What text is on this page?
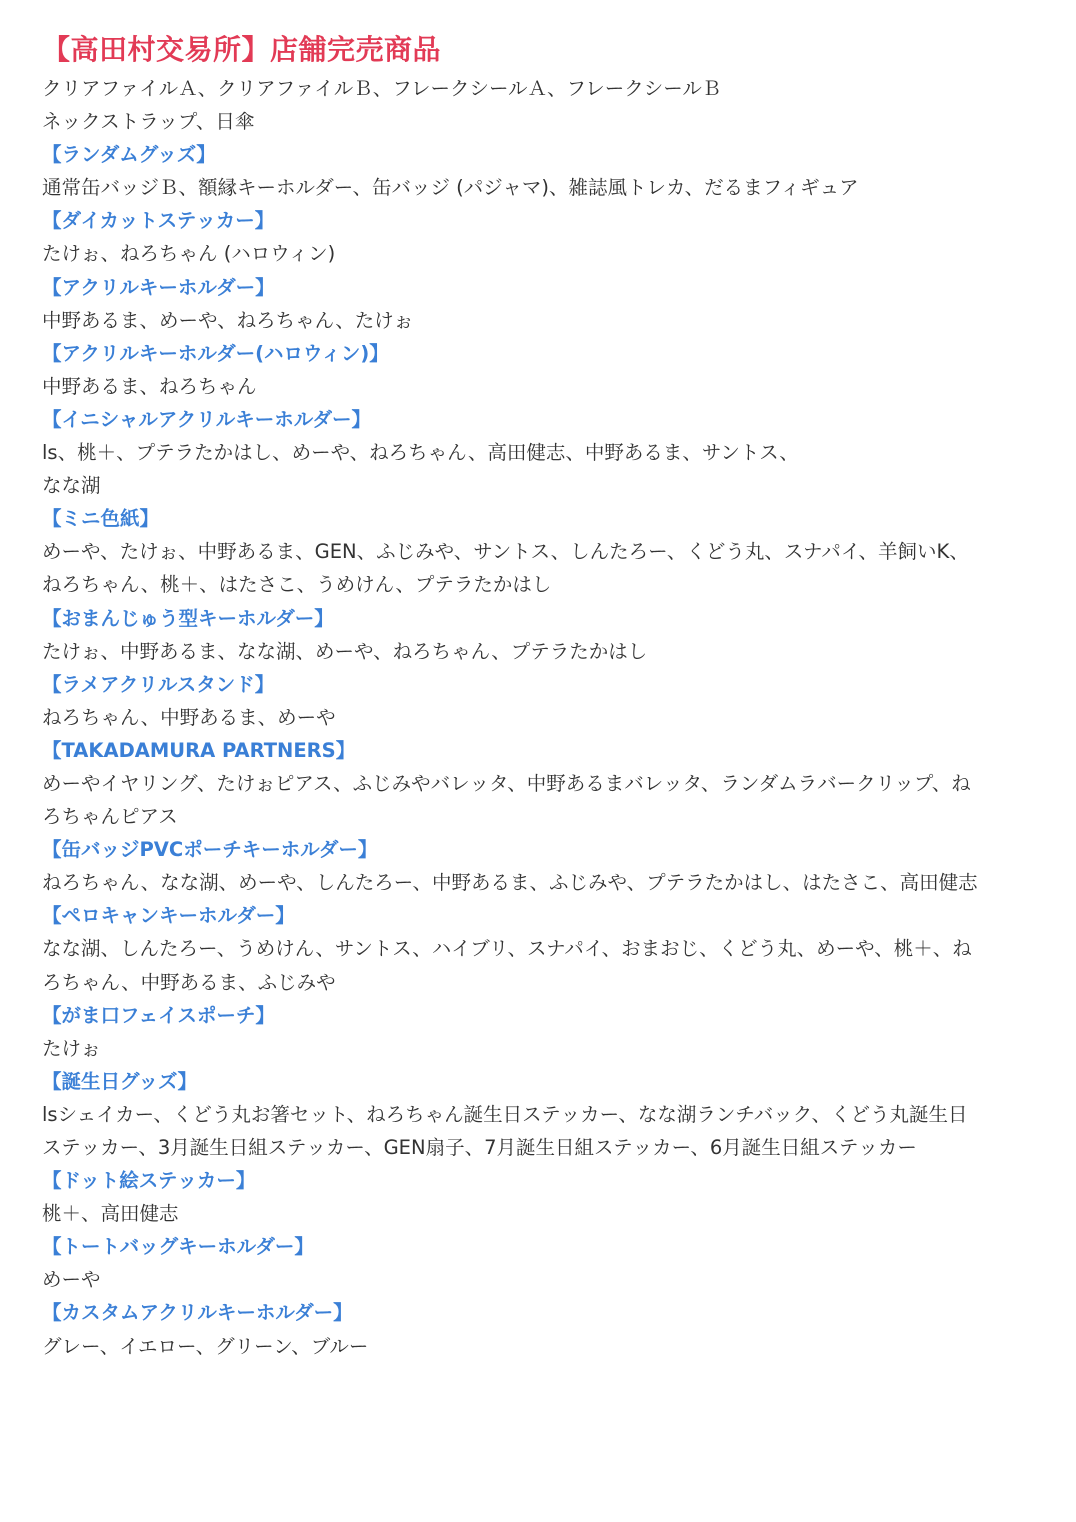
【高田村交易所】店舗完売商品

クリアファイルＡ、クリアファイルＢ、フレークシールＡ、フレークシールＢ

ネックストラップ、日傘

【ランダムグッズ】

通常缶バッジＢ、額縁キーホルダー、缶バッジ (パジャマ)、雑誌風トレカ、だるまフィギュア

【ダイカットステッカー】

たけぉ、ねろちゃん (ハロウィン)

【アクリルキーホルダー】

中野あるま、めーや、ねろちゃん、たけぉ

【アクリルキーホルダー(ハロウィン)】

中野あるま、ねろちゃん

【イニシャルアクリルキーホルダー】

ls、桃＋、プテラたかはし、めーや、ねろちゃん、高田健志、中野あるま、サントス、

なな湖

【ミニ色紙】

めーや、たけぉ、中野あるま、GEN、ふじみや、サントス、しんたろー、くどう丸、スナパイ、羊飼いK、

ねろちゃん、桃＋、はたさこ、うめけん、プテラたかはし

【おまんじゅう型キーホルダー】

たけぉ、中野あるま、なな湖、めーや、ねろちゃん、プテラたかはし

【ラメアクリルスタンド】

ねろちゃん、中野あるま、めーや

【TAKADAMURA PARTNERS】

めーやイヤリング、たけぉピアス、ふじみやバレッタ、中野あるまバレッタ、ランダムラバークリップ、ね

ろちゃんピアス

【缶バッジPVCポーチキーホルダー】

ねろちゃん、なな湖、めーや、しんたろー、中野あるま、ふじみや、プテラたかはし、はたさこ、高田健志

【ペロキャンキーホルダー】

なな湖、しんたろー、うめけん、サントス、ハイブリ、スナパイ、おまおじ、くどう丸、めーや、桃＋、ね

ろちゃん、中野あるま、ふじみや

【がま口フェイスポーチ】

たけぉ

【誕生日グッズ】

lsシェイカー、くどう丸お箸セット、ねろちゃん誕生日ステッカー、なな湖ランチバック、くどう丸誕生日

ステッカー、3月誕生日組ステッカー、GEN扇子、7月誕生日組ステッカー、6月誕生日組ステッカー

【ドット絵ステッカー】

桃＋、高田健志

【トートバッグキーホルダー】

めーや

【カスタムアクリルキーホルダー】

グレー、イエロー、グリーン、ブルー
